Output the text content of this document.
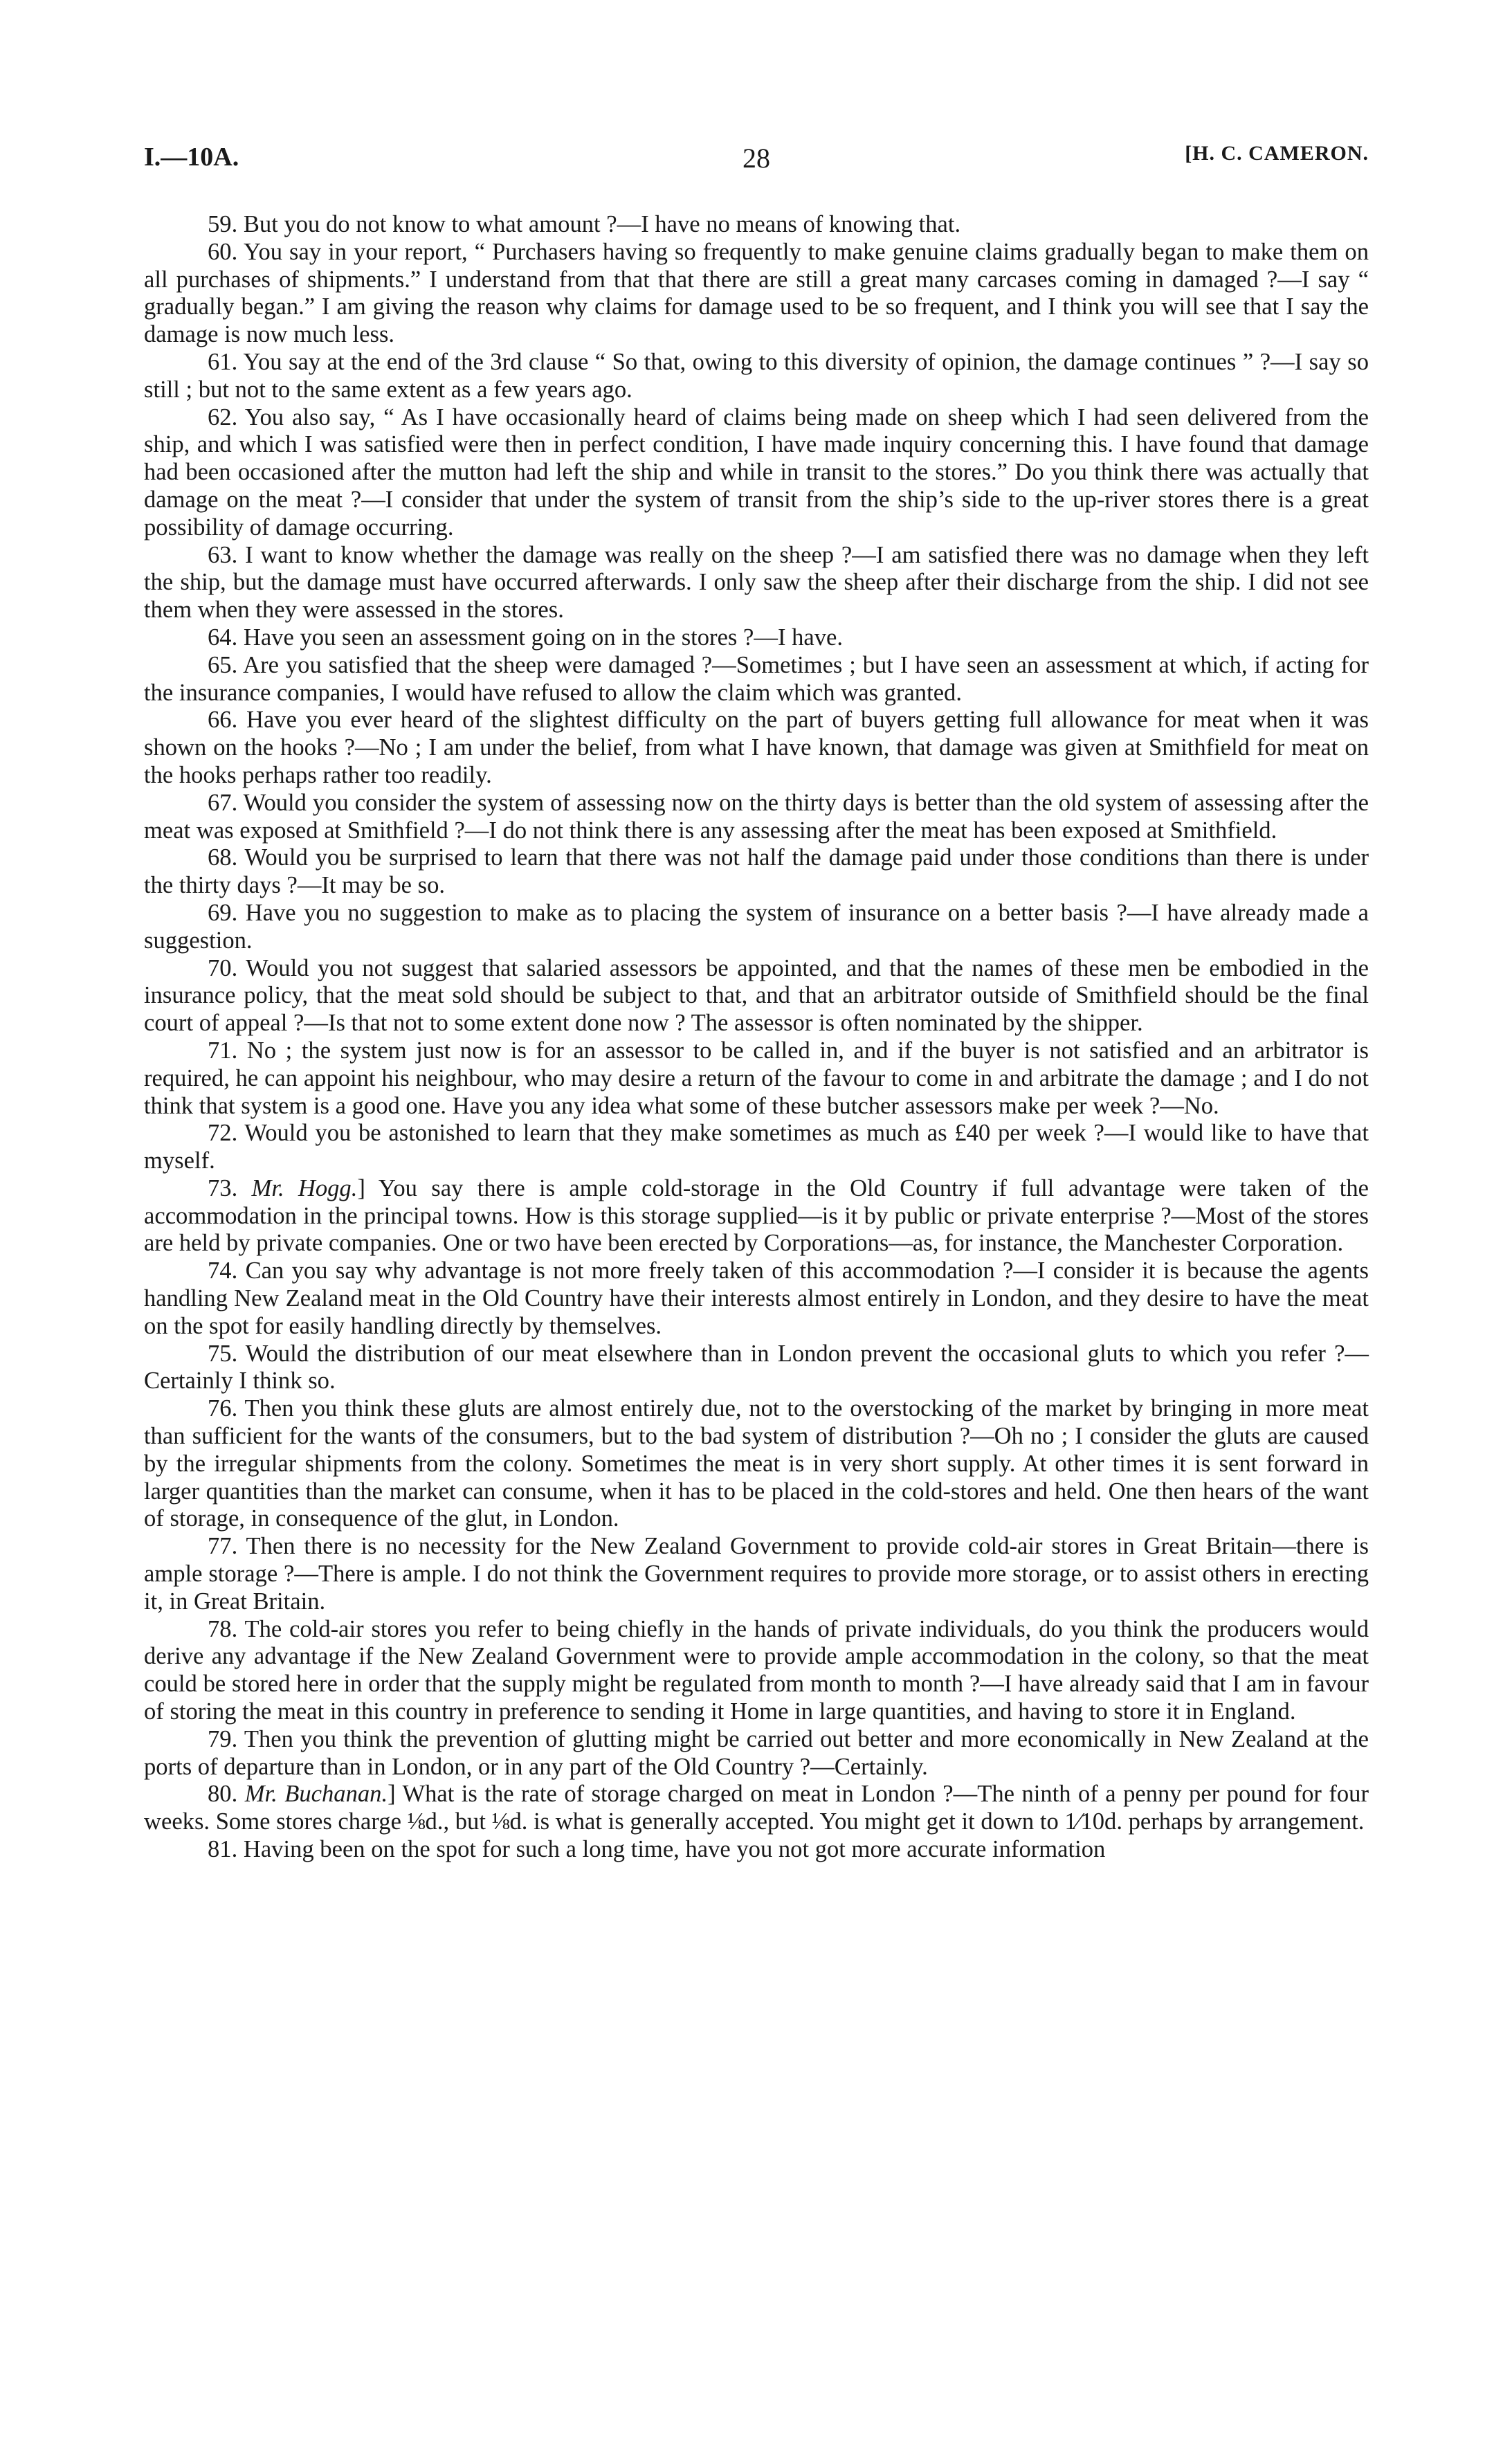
I.—10A.	28	[H. C. CAMERON.

59. But you do not know to what amount ?—I have no means of knowing that.

60. You say in your report, “ Purchasers having so frequently to make genuine claims gradually began to make them on all purchases of shipments.” I understand from that that there are still a great many carcases coming in damaged ?—I say “ gradually began.” I am giving the reason why claims for damage used to be so frequent, and I think you will see that I say the damage is now much less.

61. You say at the end of the 3rd clause “ So that, owing to this diversity of opinion, the damage continues ” ?—I say so still ; but not to the same extent as a few years ago.

62. You also say, “ As I have occasionally heard of claims being made on sheep which I had seen delivered from the ship, and which I was satisfied were then in perfect condition, I have made inquiry concerning this. I have found that damage had been occasioned after the mutton had left the ship and while in transit to the stores.” Do you think there was actually that damage on the meat ?—I consider that under the system of transit from the ship’s side to the up-river stores there is a great possibility of damage occurring.

63. I want to know whether the damage was really on the sheep ?—I am satisfied there was no damage when they left the ship, but the damage must have occurred afterwards. I only saw the sheep after their discharge from the ship. I did not see them when they were assessed in the stores.

64. Have you seen an assessment going on in the stores ?—I have.

65. Are you satisfied that the sheep were damaged ?—Sometimes ; but I have seen an assessment at which, if acting for the insurance companies, I would have refused to allow the claim which was granted.

66. Have you ever heard of the slightest difficulty on the part of buyers getting full allowance for meat when it was shown on the hooks ?—No ; I am under the belief, from what I have known, that damage was given at Smithfield for meat on the hooks perhaps rather too readily.

67. Would you consider the system of assessing now on the thirty days is better than the old system of assessing after the meat was exposed at Smithfield ?—I do not think there is any assessing after the meat has been exposed at Smithfield.

68. Would you be surprised to learn that there was not half the damage paid under those conditions than there is under the thirty days ?—It may be so.

69. Have you no suggestion to make as to placing the system of insurance on a better basis ?—I have already made a suggestion.

70. Would you not suggest that salaried assessors be appointed, and that the names of these men be embodied in the insurance policy, that the meat sold should be subject to that, and that an arbitrator outside of Smithfield should be the final court of appeal ?—Is that not to some extent done now ? The assessor is often nominated by the shipper.

71. No ; the system just now is for an assessor to be called in, and if the buyer is not satisfied and an arbitrator is required, he can appoint his neighbour, who may desire a return of the favour to come in and arbitrate the damage ; and I do not think that system is a good one. Have you any idea what some of these butcher assessors make per week ?—No.

72. Would you be astonished to learn that they make sometimes as much as £40 per week ?—I would like to have that myself.

73. Mr. Hogg.] You say there is ample cold-storage in the Old Country if full advantage were taken of the accommodation in the principal towns. How is this storage supplied—is it by public or private enterprise ?—Most of the stores are held by private companies. One or two have been erected by Corporations—as, for instance, the Manchester Corporation.

74. Can you say why advantage is not more freely taken of this accommodation ?—I consider it is because the agents handling New Zealand meat in the Old Country have their interests almost entirely in London, and they desire to have the meat on the spot for easily handling directly by themselves.

75. Would the distribution of our meat elsewhere than in London prevent the occasional gluts to which you refer ?—Certainly I think so.

76. Then you think these gluts are almost entirely due, not to the overstocking of the market by bringing in more meat than sufficient for the wants of the consumers, but to the bad system of distribution ?—Oh no ; I consider the gluts are caused by the irregular shipments from the colony. Sometimes the meat is in very short supply. At other times it is sent forward in larger quantities than the market can consume, when it has to be placed in the cold-stores and held. One then hears of the want of storage, in consequence of the glut, in London.

77. Then there is no necessity for the New Zealand Government to provide cold-air stores in Great Britain—there is ample storage ?—There is ample. I do not think the Government requires to provide more storage, or to assist others in erecting it, in Great Britain.

78. The cold-air stores you refer to being chiefly in the hands of private individuals, do you think the producers would derive any advantage if the New Zealand Government were to provide ample accommodation in the colony, so that the meat could be stored here in order that the supply might be regulated from month to month ?—I have already said that I am in favour of storing the meat in this country in preference to sending it Home in large quantities, and having to store it in England.

79. Then you think the prevention of glutting might be carried out better and more economically in New Zealand at the ports of departure than in London, or in any part of the Old Country ?—Certainly.

80. Mr. Buchanan.] What is the rate of storage charged on meat in London ?—The ninth of a penny per pound for four weeks. Some stores charge ⅛d., but ⅛d. is what is generally accepted. You might get it down to 1⁄10d. perhaps by arrangement.

81. Having been on the spot for such a long time, have you not got more accurate information
